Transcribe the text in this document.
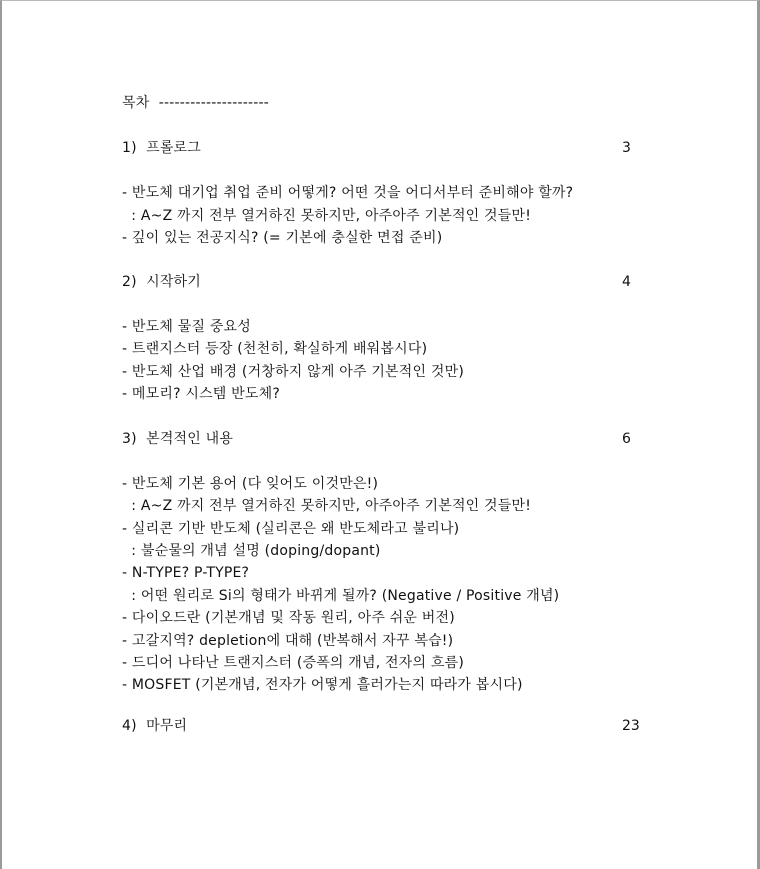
목차 ---------------------
1) 프롤로그	3
- 반도체 대기업 취업 준비 어떻게? 어떤 것을 어디서부터 준비해야 할까?
: A~Z 까지 전부 열거하진 못하지만, 아주아주 기본적인 것들만!
- 깊이 있는 전공지식? (= 기본에 충실한 면접 준비)
2) 시작하기	4
- 반도체 물질 중요성
- 트랜지스터 등장 (천천히, 확실하게 배워봅시다)
- 반도체 산업 배경 (거창하지 않게 아주 기본적인 것만)
- 메모리? 시스템 반도체?
3) 본격적인 내용	6
- 반도체 기본 용어 (다 잊어도 이것만은!)
: A~Z 까지 전부 열거하진 못하지만, 아주아주 기본적인 것들만!
- 실리콘 기반 반도체 (실리콘은 왜 반도체라고 불리나)
: 불순물의 개념 설명 (doping/dopant)
- N-TYPE? P-TYPE?
: 어떤 원리로 Si의 형태가 바뀌게 될까? (Negative / Positive 개념)
- 다이오드란 (기본개념 및 작동 원리, 아주 쉬운 버전)
- 고갈지역? depletion에 대해 (반복해서 자꾸 복습!)
- 드디어 나타난 트랜지스터 (증폭의 개념, 전자의 흐름)
- MOSFET (기본개념, 전자가 어떻게 흘러가는지 따라가 봅시다)
4) 마무리	23
